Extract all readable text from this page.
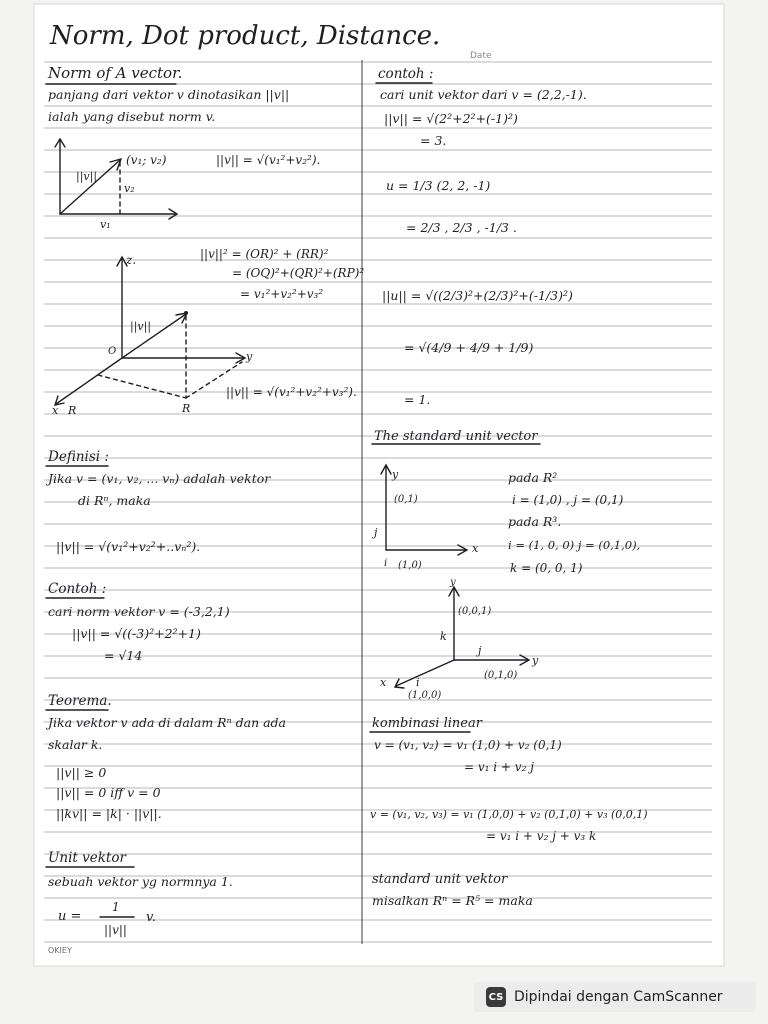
Norm, Dot product, Distance.
Date
Norm of A vector.
panjang dari vektor v dinotasikan ||v||
ialah yang disebut norm v.
(v₁; v₂)
||v||
v₂
v₁
||v|| = √(v₁²+v₂²).
z.	||v||² = (OR)² + (RR)²
= (OQ)²+(QR)²+(RP)²
= v₁²+v₂²+v₃²
||v||
O	y
x R	R
||v|| = √(v₁²+v₂²+v₃²).
Definisi :
Jika v = (v₁, v₂, ... vₙ) adalah vektor
di Rⁿ, maka
||v|| = √(v₁²+v₂²+..vₙ²).
Contoh :
cari norm vektor v = (-3,2,1)
||v|| = √((-3)²+2²+1)
= √14
Teorema.
Jika vektor v ada di dalam Rⁿ dan ada
skalar k.
||v|| ≥ 0
||v|| = 0 iff v = 0
||kv|| = |k| · ||v||.
Unit vektor
sebuah vektor yg normnya 1.
u =
1
||v||
v.
contoh :
cari unit vektor dari v = (2,2,-1).
||v|| = √(2²+2²+(-1)²)
= 3.
u = 1/3 (2, 2, -1)
= 2/3 , 2/3 , -1/3 .
||u|| = √((2/3)²+(2/3)²+(-1/3)²)
= √(4/9 + 4/9 + 1/9)
= 1.
The standard unit vector
y
(0,1)
(1,0)
x
j
i
pada R²
i = (1,0) , j = (0,1)
pada R³.
i = (1, 0, 0) j = (0,1,0),
k = (0, 0, 1)
y
(0,0,1)
k
j
y
(0,1,0)
x	i
(1,0,0)
kombinasi linear
v = (v₁, v₂) = v₁ (1,0) + v₂ (0,1)
= v₁ i + v₂ j
v = (v₁, v₂, v₃) = v₁ (1,0,0) + v₂ (0,1,0) + v₃ (0,0,1)
= v₁ i + v₂ j + v₃ k
standard unit vektor
misalkan Rⁿ = R⁵ = maka
OKIEY
CS Dipindai dengan CamScanner
